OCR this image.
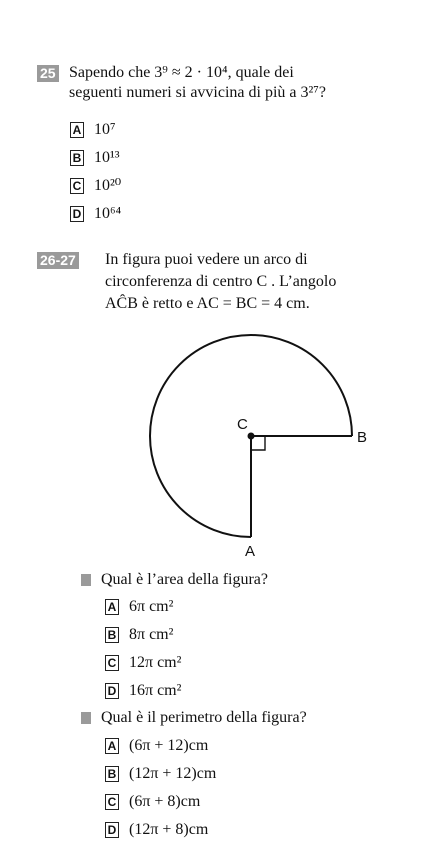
25 Sapendo che 3⁹ ≈ 2 · 10⁴, quale dei
seguenti numeri si avvicina di più a 3²⁷?
A 10⁷
B 10¹³
C 10²⁰
D 10⁶⁴
26-27 In figura puoi vedere un arco di
circonferenza di centro C . L’angolo
AĈB è retto e AC = BC = 4 cm.
C
B
A
Qual è l’area della figura?
A 6π cm²
B 8π cm²
C 12π cm²
D 16π cm²
Qual è il perimetro della figura?
A (6π + 12)cm
B (12π + 12)cm
C (6π + 8)cm
D (12π + 8)cm
